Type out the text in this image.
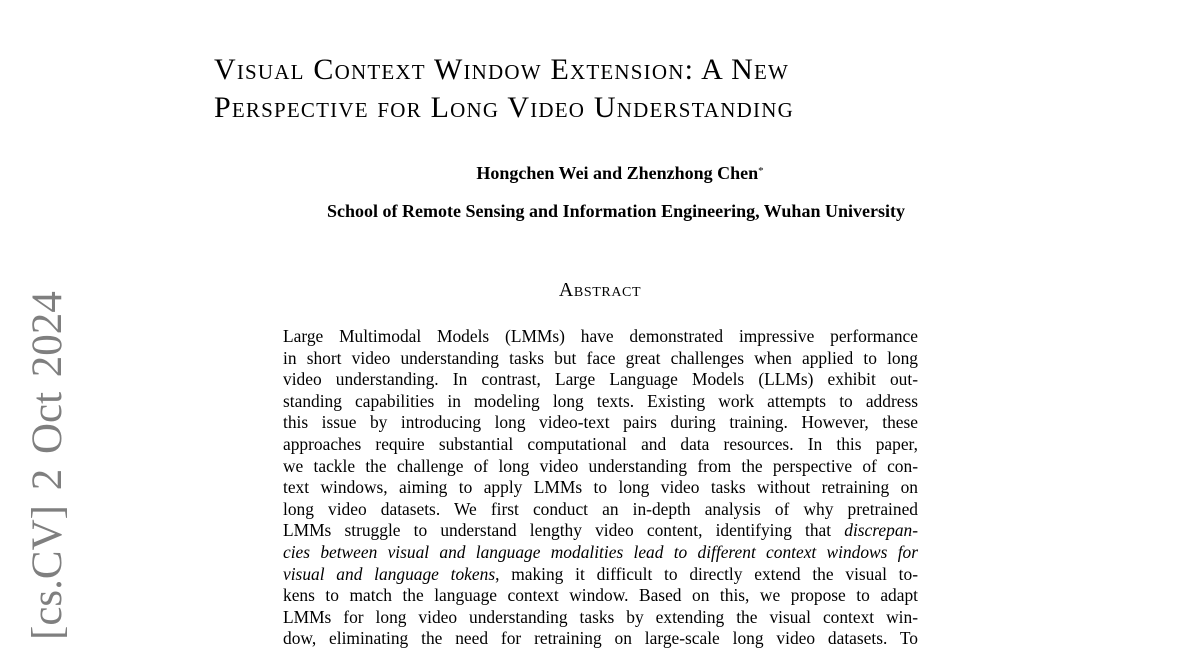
[cs.CV] 2 Oct 2024
Visual Context Window Extension: A New
Perspective for Long Video Understanding
Hongchen Wei and Zhenzhong Chen*
School of Remote Sensing and Information Engineering, Wuhan University
Abstract
Large Multimodal Models (LMMs) have demonstrated impressive performance
in short video understanding tasks but face great challenges when applied to long
video understanding. In contrast, Large Language Models (LLMs) exhibit out-
standing capabilities in modeling long texts. Existing work attempts to address
this issue by introducing long video-text pairs during training. However, these
approaches require substantial computational and data resources. In this paper,
we tackle the challenge of long video understanding from the perspective of con-
text windows, aiming to apply LMMs to long video tasks without retraining on
long video datasets. We first conduct an in-depth analysis of why pretrained
LMMs struggle to understand lengthy video content, identifying that discrepan-
cies between visual and language modalities lead to different context windows for
visual and language tokens, making it difficult to directly extend the visual to-
kens to match the language context window. Based on this, we propose to adapt
LMMs for long video understanding tasks by extending the visual context win-
dow, eliminating the need for retraining on large-scale long video datasets. To
